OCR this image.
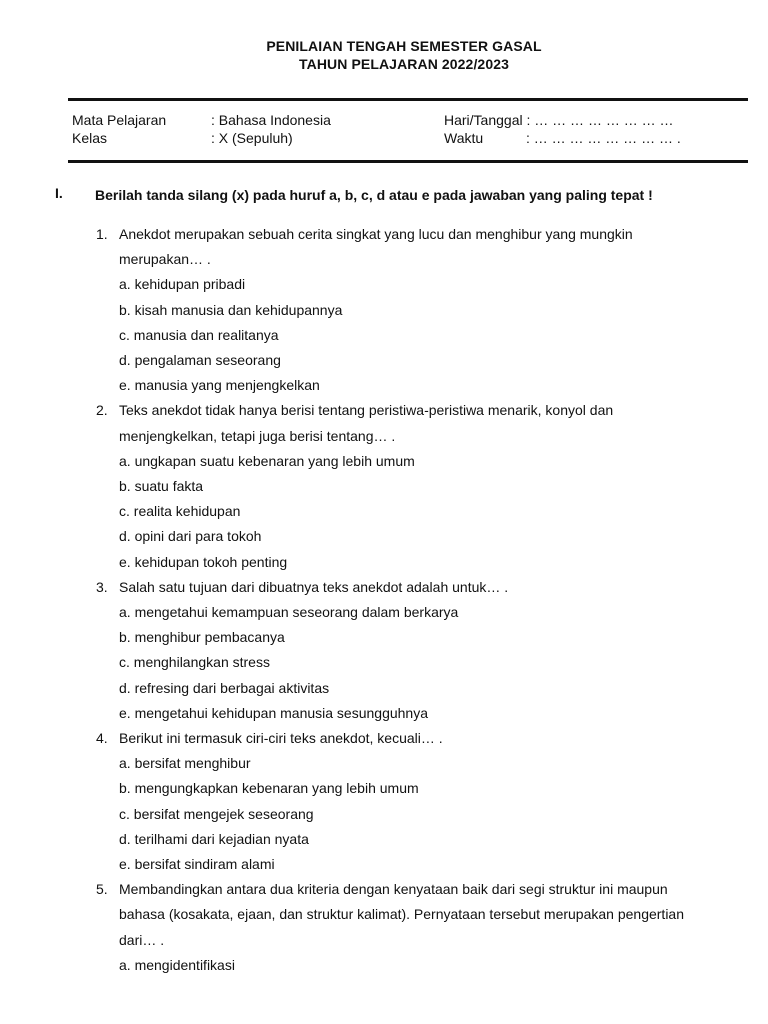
PENILAIAN TENGAH SEMESTER GASAL
TAHUN PELAJARAN 2022/2023
Mata Pelajaran	: Bahasa Indonesia	Hari/Tanggal : … … … … … … … …
Kelas	: X (Sepuluh)	Waktu	: … … … … … … … … .
I. Berilah tanda silang (x) pada huruf a, b, c, d atau e pada jawaban yang paling tepat !
1. Anekdot merupakan sebuah cerita singkat yang lucu dan menghibur yang mungkin merupakan… .
a. kehidupan pribadi
b. kisah manusia dan kehidupannya
c. manusia dan realitanya
d. pengalaman seseorang
e. manusia yang menjengkelkan
2. Teks anekdot tidak hanya berisi tentang peristiwa-peristiwa menarik, konyol dan menjengkelkan, tetapi juga berisi tentang… .
a. ungkapan suatu kebenaran yang lebih umum
b. suatu fakta
c. realita kehidupan
d. opini dari para tokoh
e. kehidupan tokoh penting
3. Salah satu tujuan dari dibuatnya teks anekdot adalah untuk… .
a. mengetahui kemampuan seseorang dalam berkarya
b. menghibur pembacanya
c. menghilangkan stress
d. refresing dari berbagai aktivitas
e. mengetahui kehidupan manusia sesungguhnya
4. Berikut ini termasuk ciri-ciri teks anekdot, kecuali… .
a. bersifat menghibur
b. mengungkapkan kebenaran yang lebih umum
c. bersifat mengejek seseorang
d. terilhami dari kejadian nyata
e. bersifat sindiram alami
5. Membandingkan antara dua kriteria dengan kenyataan baik dari segi struktur ini maupun bahasa (kosakata, ejaan, dan struktur kalimat). Pernyataan tersebut merupakan pengertian dari… .
a. mengidentifikasi
